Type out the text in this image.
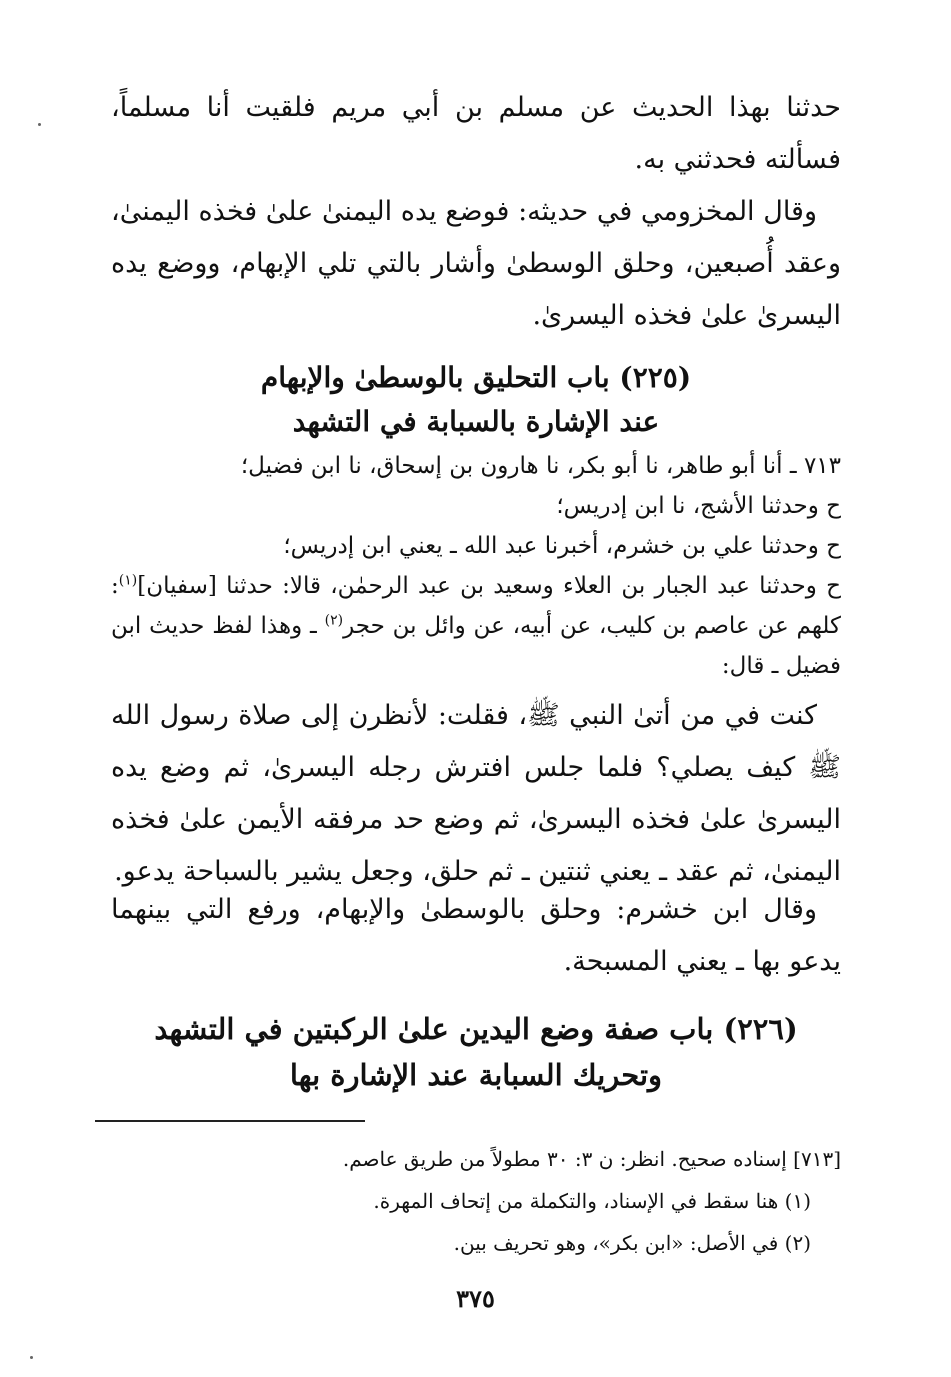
حدثنا بهذا الحديث عن مسلم بن أبي مريم فلقيت أنا مسلماً، فسألته فحدثني به.
وقال المخزومي في حديثه: فوضع يده اليمنىٰ علىٰ فخذه اليمنىٰ، وعقد أُصبعين، وحلق الوسطىٰ وأشار بالتي تلي الإبهام، ووضع يده اليسرىٰ علىٰ فخذه اليسرىٰ.
(٢٢٥) باب التحليق بالوسطىٰ والإبهام
عند الإشارة بالسبابة في التشهد
٧١٣ ـ أنا أبو طاهر، نا أبو بكر، نا هارون بن إسحاق، نا ابن فضيل؛
ح وحدثنا الأشج، نا ابن إدريس؛
ح وحدثنا علي بن خشرم، أخبرنا عبد الله ـ يعني ابن إدريس؛
ح وحدثنا عبد الجبار بن العلاء وسعيد بن عبد الرحمٰن، قالا: حدثنا [سفيان]$^{(١)}$: كلهم عن عاصم بن كليب، عن أبيه، عن وائل بن حجر$^{(٢)}$ ـ وهذا لفظ حديث ابن فضيل ـ قال:
كنت في من أتىٰ النبي ﷺ، فقلت: لأنظرن إلى صلاة رسول الله ﷺ كيف يصلي؟ فلما جلس افترش رجله اليسرىٰ، ثم وضع يده اليسرىٰ علىٰ فخذه اليسرىٰ، ثم وضع حد مرفقه الأيمن علىٰ فخذه اليمنىٰ، ثم عقد ـ يعني ثنتين ـ ثم حلق، وجعل يشير بالسباحة يدعو.
وقال ابن خشرم: وحلق بالوسطىٰ والإبهام، ورفع التي بينهما يدعو بها ـ يعني المسبحة.
(٢٢٦) باب صفة وضع اليدين علىٰ الركبتين في التشهد
وتحريك السبابة عند الإشارة بها
[٧١٣] إسناده صحيح. انظر: ن ٣: ٣٠ مطولاً من طريق عاصم.
(١) هنا سقط في الإسناد، والتكملة من إتحاف المهرة.
(٢) في الأصل: «ابن بكر»، وهو تحريف بين.
٣٧٥
